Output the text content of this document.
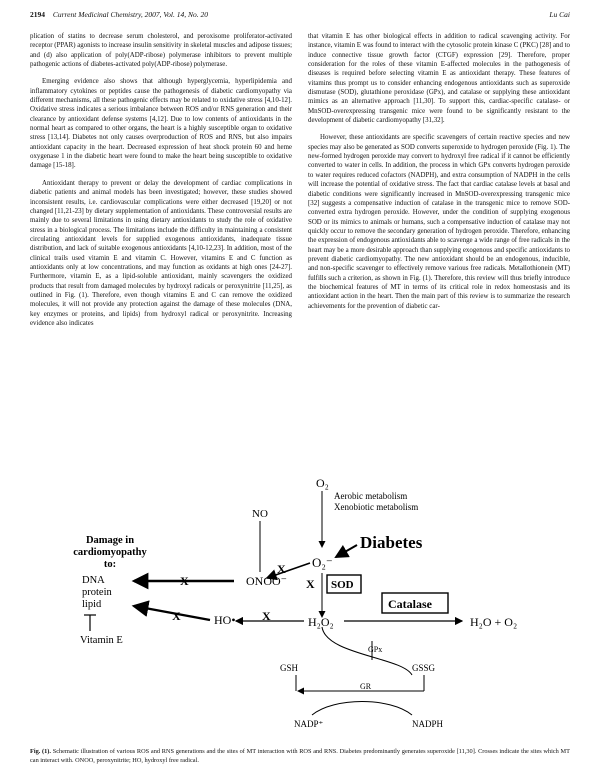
2194 Current Medicinal Chemistry, 2007, Vol. 14, No. 20	Lu Cai

plication of statins to decrease serum cholesterol, and peroxisome proliferator-activated receptor (PPAR) agonists to increase insulin sensitivity in skeletal muscles and adipose tissues; and (d) also application of poly(ADP-ribose) polymerase inhibitors to prevent multiple pathogenic actions of diabetes-activated poly(ADP-ribose) polymerase.

Emerging evidence also shows that although hyperglycemia, hyperlipidemia and inflammatory cytokines or peptides cause the pathogenesis of diabetic cardiomyopathy via different mechanisms, all these pathogenic effects may be related to oxidative stress [4,10-12]. Oxidative stress indicates a serious imbalance between ROS and/or RNS generation and their clearance by antioxidant defense systems [4,12]. Due to low contents of antioxidants in the normal heart as compared to other organs, the heart is a highly susceptible organ to oxidative stress [13,14]. Diabetes not only causes overproduction of ROS and RNS, but also impairs antioxidant capacity in the heart. Decreased expression of heat shock protein 60 and heme oxygenase 1 in the diabetic heart were found to make the heart being susceptible to oxidative damage [15-18].

Antioxidant therapy to prevent or delay the development of cardiac complications in diabetic patients and animal models has been investigated; however, these studies showed inconsistent results, i.e. cardiovascular complications were either decreased [19,20] or not changed [11,21-23] by dietary supplementation of antioxidants. These controversial results are mainly due to several limitations in using dietary antioxidants to study the role of oxidative stress in a biological process. The limitations include the difficulty in maintaining a consistent circulating antioxidant levels for supplied exogenous antioxidants, inadequate tissue distribution, and lack of suitable exogenous antioxidants [4,10-12,23]. In addition, most of the clinical trails used vitamin E and vitamin C. However, vitamins E and C function as antioxidants only at low concentrations, and may function as oxidants at high ones [24-27]. Furthermore, vitamin E, as a lipid-soluble antioxidant, mainly scavengers the oxidized products that result from damaged molecules by hydroxyl radicals or peroxynitrite [11,25], as outlined in Fig. (1). Therefore, even though vitamins E and C can remove the oxidized molecules, it will not provide any protection against the damage of these molecules (DNA, key enzymes or proteins, and lipids) from hydroxyl radical or peroxynitrite. Increasing evidence also indicates

that vitamin E has other biological effects in addition to radical scavenging activity. For instance, vitamin E was found to interact with the cytosolic protein kinase C (PKC) [28] and to induce connective tissue growth factor (CTGF) expression [29]. Therefore, proper consideration for the roles of these vitamin E-affected molecules in the pathogenesis of diseases is required before selecting vitamin E as antioxidant therapy. These features of vitamins thus prompt us to consider enhancing endogenous antioxidants such as superoxide dismutase (SOD), glutathione peroxidase (GPx), and catalase or supplying these antioxidant mimics as an alternative approach [11,30]. To support this, cardiac-specific catalase- or MnSOD-overexpressing transgenic mice were found to be significantly resistant to the development of diabetic cardiomyopathy [31,32].

However, these antioxidants are specific scavengers of certain reactive species and new species may also be generated as SOD converts superoxide to hydrogen peroxide (Fig. 1). The new-formed hydrogen peroxide may convert to hydroxyl free radical if it cannot be efficiently converted to water in cells. In addition, the process in which GPx converts hydrogen peroxide to water requires reduced cofactors (NADPH), and extra consumption of NADPH in the cells will increase the potential of oxidative stress. The fact that cardiac catalase levels at basal and diabetic conditions were significantly increased in MnSOD-overexpressing transgenic mice [32] suggests a compensative induction of catalase in the transgenic mice to remove SOD-converted extra hydrogen peroxide. However, under the condition of supplying exogenous SOD or its mimics to animals or humans, such a compensative induction of catalase may not quickly occur to remove the secondary generation of hydrogen peroxide. Therefore, enhancing the expression of endogenous antioxidants able to scavenge a wide range of free radicals in the heart may be a more desirable approach than supplying exogenous and specific antioxidants to prevent diabetic cardiomyopathy. The new antioxidant should be an endogenous, inducible, and non-specific scavenger to effectively remove various free radicals. Metallothionein (MT) fulfills such a criterion, as shown in Fig. (1). Therefore, this review will thus briefly introduce the biochemical features of MT in terms of its critical role in redox homeostasis and its antioxidant action in the heart. Then the main part of this review is to summarize the research achievements for the prevention of diabetic car-

O₂
Aerobic metabolism
Xenobiotic metabolism
NO
Diabetes
O₂⁻
X
Damage in
cardiomyopathy
to:
DNA
protein
lipid
ONOO⁻
X	X SOD
HO•
X	H₂O₂
X
Catalase
H₂O + O₂
GPx
GSH	GSSG
GR
NADP⁺	NADPH
Vitamin E
Fig. (1). Schematic illustration of various ROS and RNS generations and the sites of MT interaction with ROS and RNS. Diabetes predominantly generates superoxide [11,30]. Crosses indicate the sites which MT can interact with. ONOO, peroxynitrite; HO, hydroxyl free radical.
